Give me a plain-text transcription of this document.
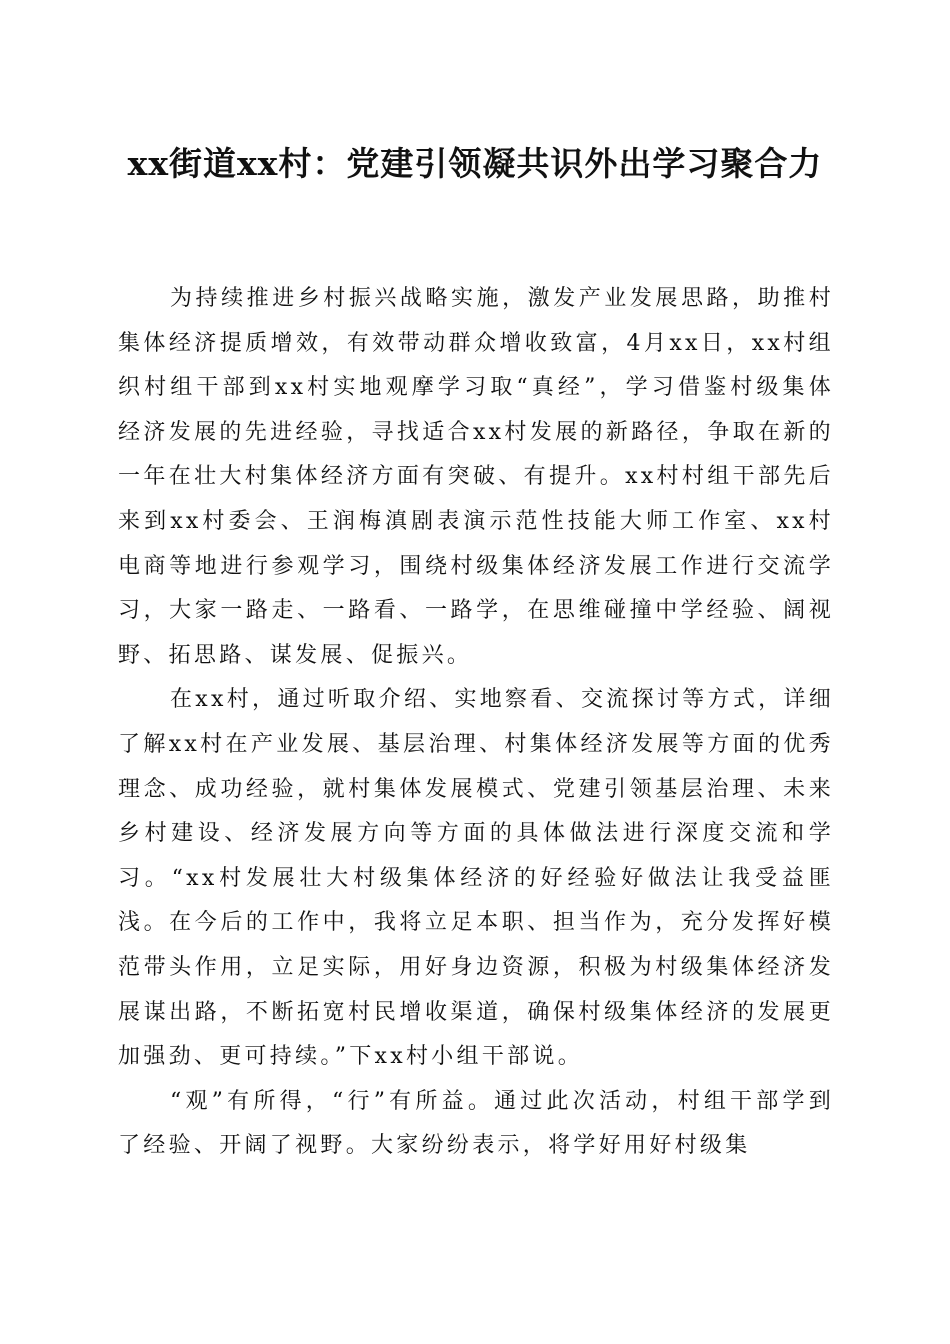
xx街道xx村：党建引领凝共识外出学习聚合力

为持续推进乡村振兴战略实施，激发产业发展思路，助推村集体经济提质增效，有效带动群众增收致富，4月xx日，xx村组织村组干部到xx村实地观摩学习取“真经”，学习借鉴村级集体经济发展的先进经验，寻找适合xx村发展的新路径，争取在新的一年在壮大村集体经济方面有突破、有提升。xx村村组干部先后来到xx村委会、王润梅滇剧表演示范性技能大师工作室、xx村电商等地进行参观学习，围绕村级集体经济发展工作进行交流学习，大家一路走、一路看、一路学，在思维碰撞中学经验、阔视野、拓思路、谋发展、促振兴。

在xx村，通过听取介绍、实地察看、交流探讨等方式，详细了解xx村在产业发展、基层治理、村集体经济发展等方面的优秀理念、成功经验，就村集体发展模式、党建引领基层治理、未来乡村建设、经济发展方向等方面的具体做法进行深度交流和学习。“xx村发展壮大村级集体经济的好经验好做法让我受益匪浅。在今后的工作中，我将立足本职、担当作为，充分发挥好模范带头作用，立足实际，用好身边资源，积极为村级集体经济发展谋出路，不断拓宽村民增收渠道，确保村级集体经济的发展更加强劲、更可持续。”下xx村小组干部说。

“观”有所得，“行”有所益。通过此次活动，村组干部学到了经验、开阔了视野。大家纷纷表示，将学好用好村级集
